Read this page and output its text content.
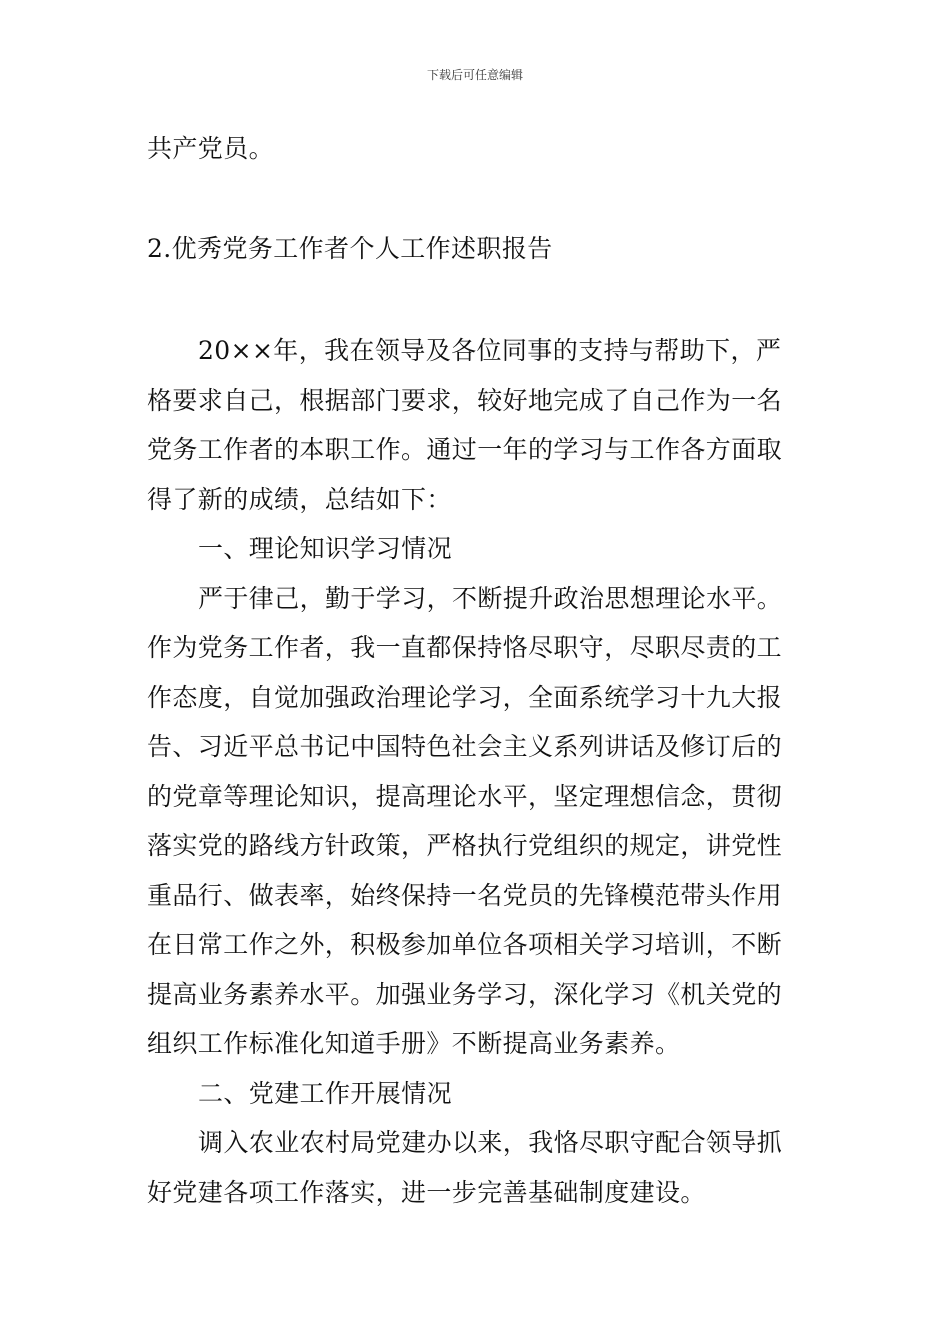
下载后可任意编辑
共产党员。
2.优秀党务工作者个人工作述职报告
20××年，我在领导及各位同事的支持与帮助下，严
格要求自己，根据部门要求，较好地完成了自己作为一名
党务工作者的本职工作。通过一年的学习与工作各方面取
得了新的成绩，总结如下：
一、理论知识学习情况
严于律己，勤于学习，不断提升政治思想理论水平。
作为党务工作者，我一直都保持恪尽职守，尽职尽责的工
作态度，自觉加强政治理论学习，全面系统学习十九大报
告、习近平总书记中国特色社会主义系列讲话及修订后的
的党章等理论知识，提高理论水平，坚定理想信念，贯彻
落实党的路线方针政策，严格执行党组织的规定，讲党性
重品行、做表率，始终保持一名党员的先锋模范带头作用
在日常工作之外，积极参加单位各项相关学习培训，不断
提高业务素养水平。加强业务学习，深化学习《机关党的
组织工作标准化知道手册》不断提高业务素养。
二、党建工作开展情况
调入农业农村局党建办以来，我恪尽职守配合领导抓
好党建各项工作落实，进一步完善基础制度建设。
